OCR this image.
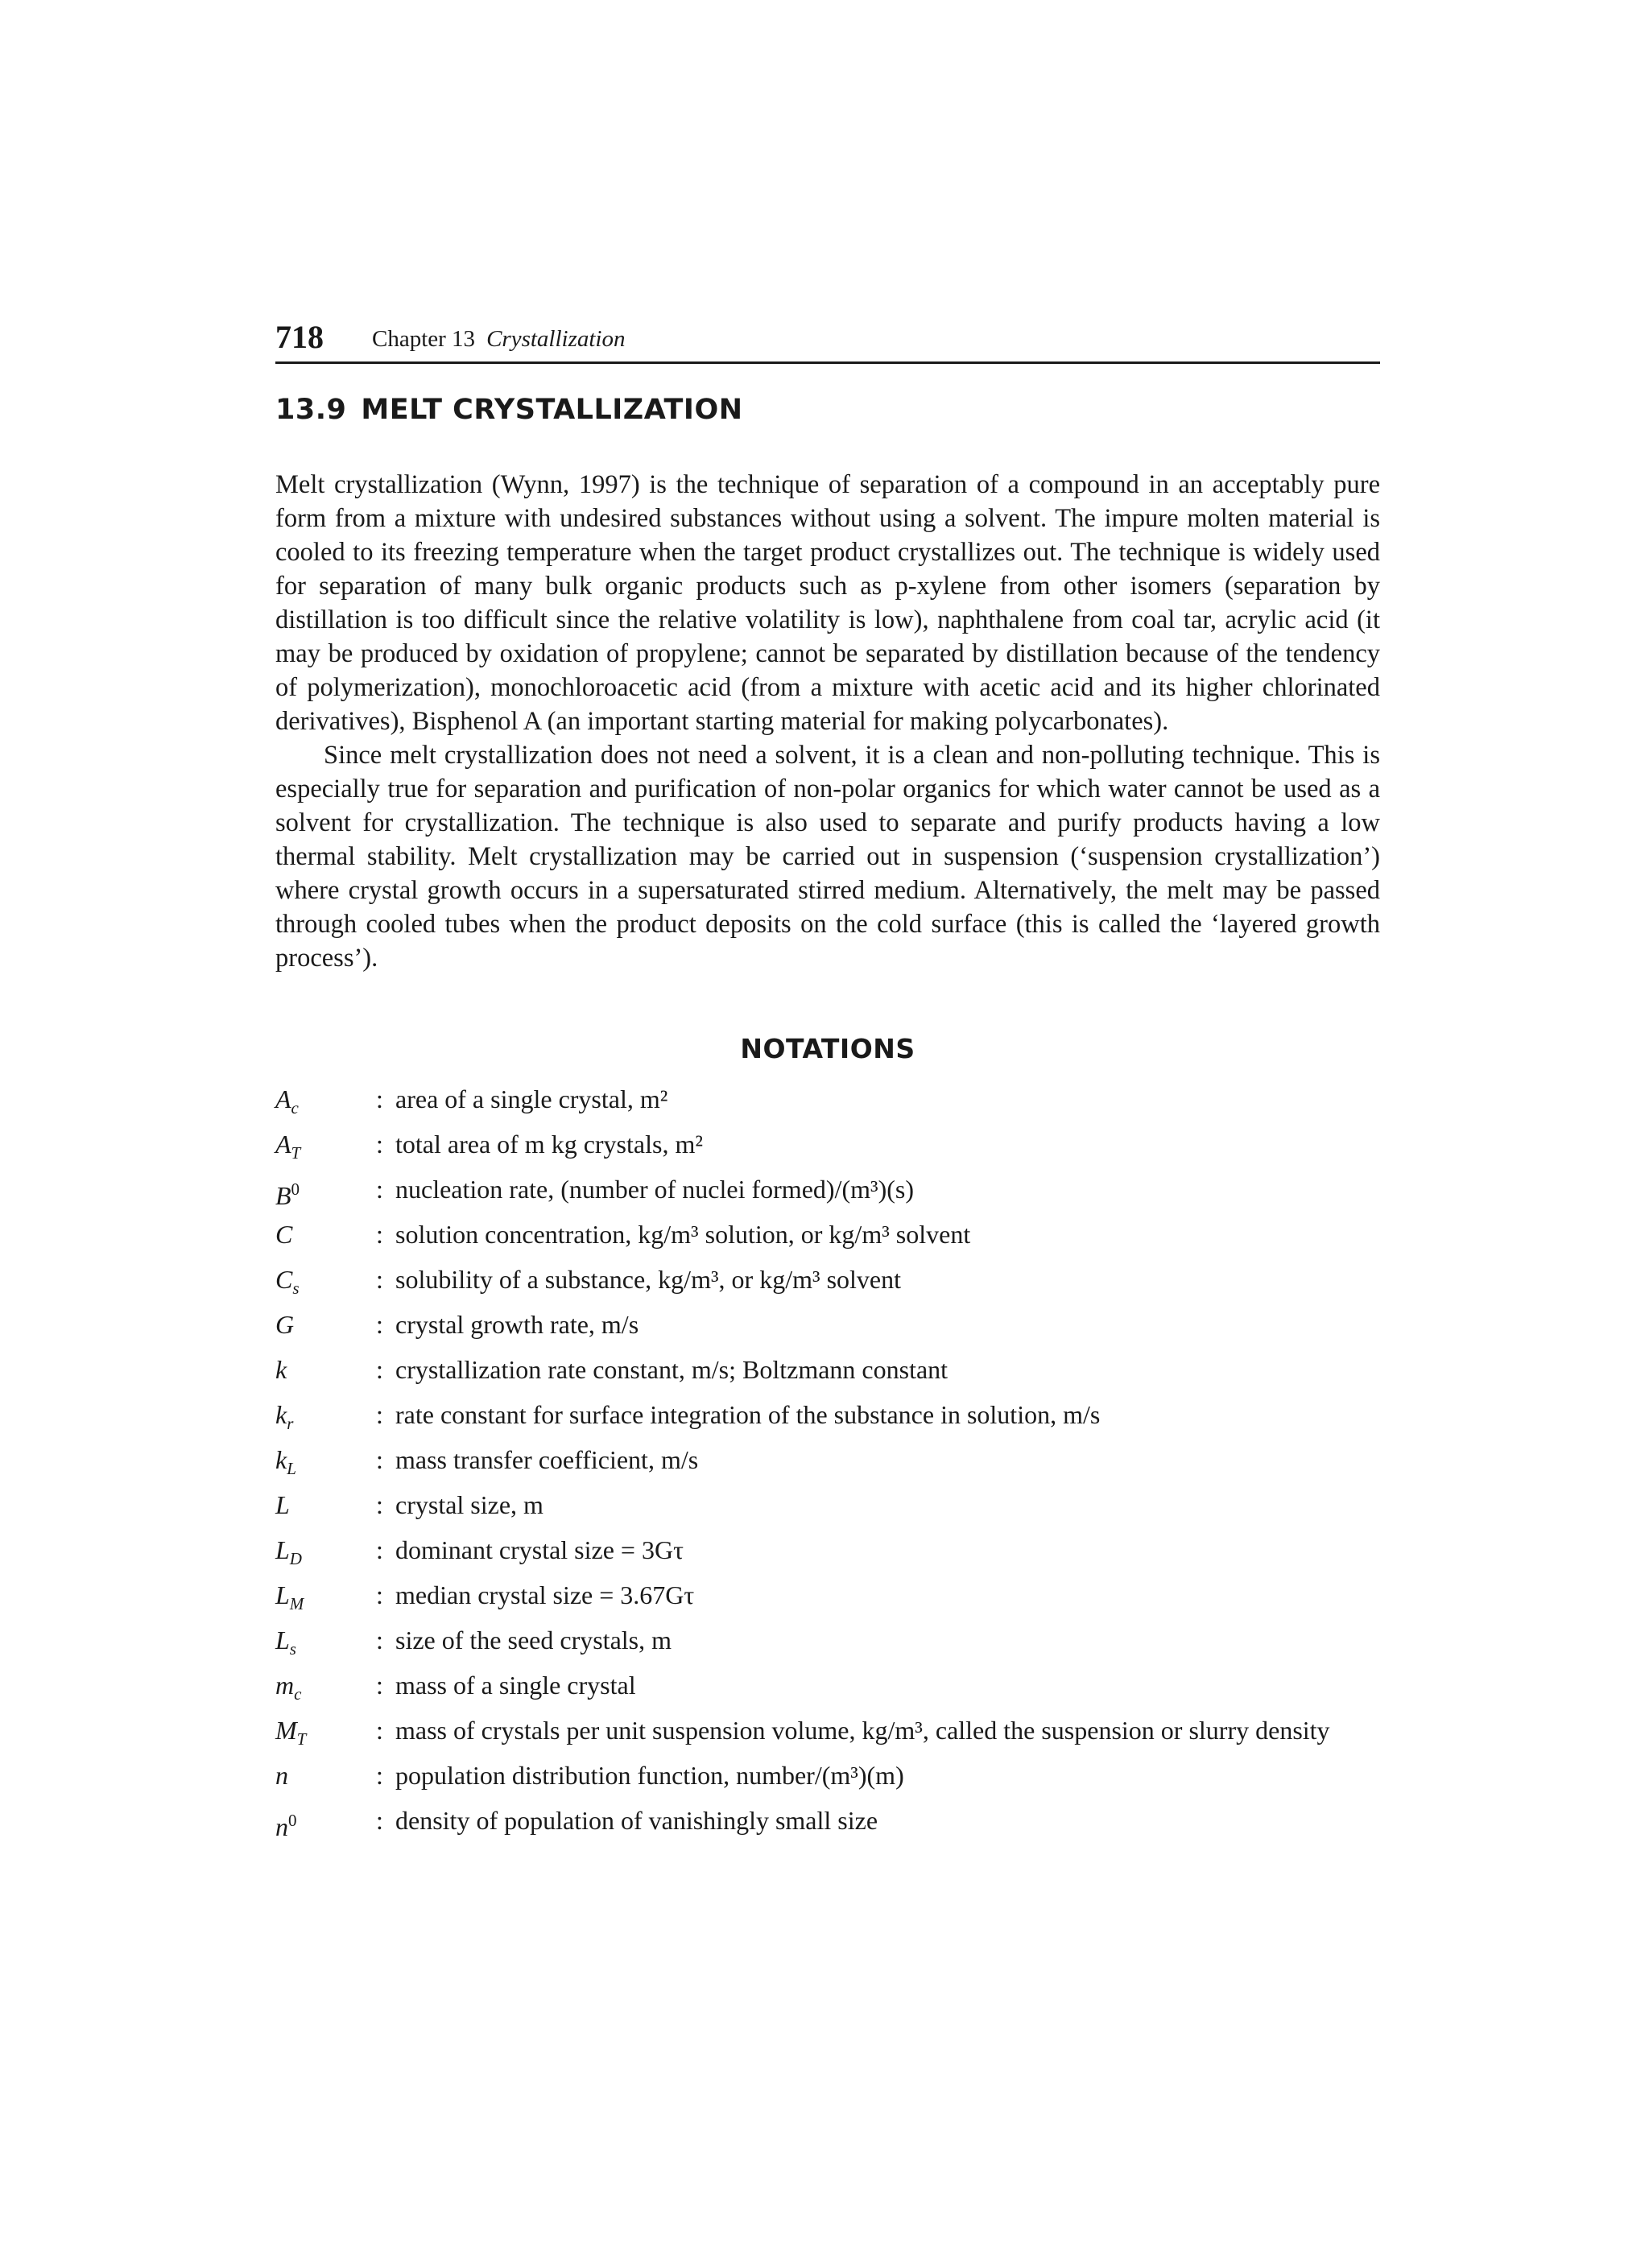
718 Chapter 13 Crystallization
13.9 MELT CRYSTALLIZATION

Melt crystallization (Wynn, 1997) is the technique of separation of a compound in an acceptably pure form from a mixture with undesired substances without using a solvent. The impure molten material is cooled to its freezing temperature when the target product crystallizes out. The technique is widely used for separation of many bulk organic products such as p-xylene from other isomers (separation by distillation is too difficult since the relative volatility is low), naphthalene from coal tar, acrylic acid (it may be produced by oxidation of propylene; cannot be separated by distillation because of the tendency of polymerization), monochloroacetic acid (from a mixture with acetic acid and its higher chlorinated derivatives), Bisphenol A (an important starting material for making polycarbonates).

Since melt crystallization does not need a solvent, it is a clean and non-polluting technique. This is especially true for separation and purification of non-polar organics for which water cannot be used as a solvent for crystallization. The technique is also used to separate and purify products having a low thermal stability. Melt crystallization may be carried out in suspension (‘suspension crystallization’) where crystal growth occurs in a supersaturated stirred medium. Alternatively, the melt may be passed through cooled tubes when the product deposits on the cold surface (this is called the ‘layered growth process’).

NOTATIONS
$A_c$	: area of a single crystal, m²
$A_T$	: total area of m kg crystals, m²
$B^0$	: nucleation rate, (number of nuclei formed)/(m³)(s)
C	: solution concentration, kg/m³ solution, or kg/m³ solvent
$C_s$	: solubility of a substance, kg/m³, or kg/m³ solvent
G	: crystal growth rate, m/s
k	: crystallization rate constant, m/s; Boltzmann constant
$k_r$	: rate constant for surface integration of the substance in solution, m/s
$k_L$	: mass transfer coefficient, m/s
L	: crystal size, m
$L_D$	: dominant crystal size = 3Gτ
$L_M$	: median crystal size = 3.67Gτ
$L_s$	: size of the seed crystals, m
$m_c$	: mass of a single crystal
$M_T$	: mass of crystals per unit suspension volume, kg/m³, called the suspension or slurry density
n	: population distribution function, number/(m³)(m)
$n^0$	: density of population of vanishingly small size
